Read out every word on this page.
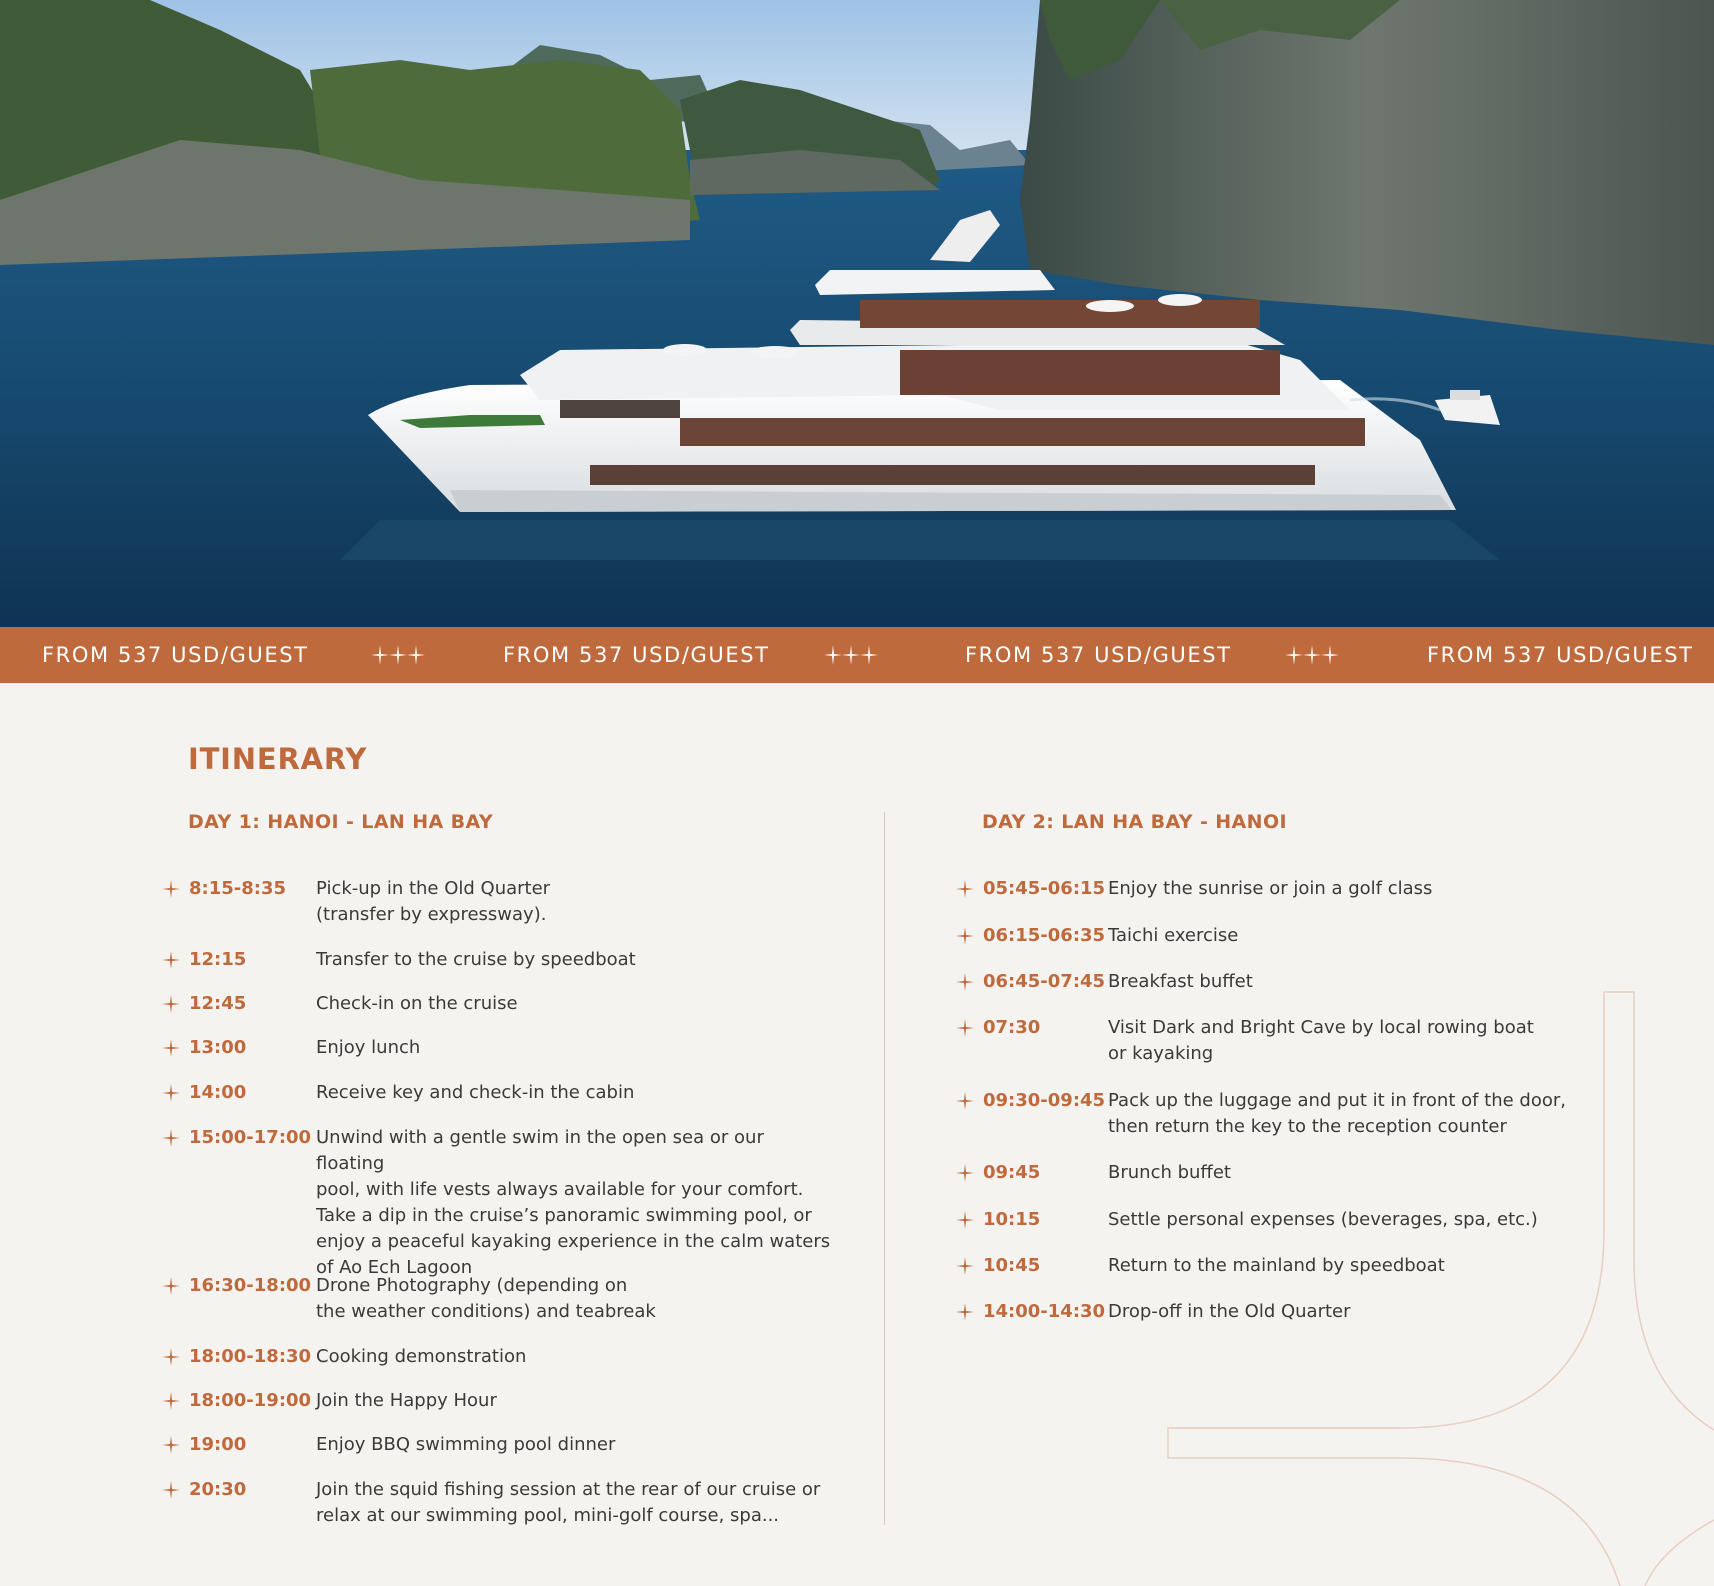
FROM 537 USD/GUEST	FROM 537 USD/GUEST	FROM 537 USD/GUEST	FROM 537 USD/GUEST
ITINERARY
DAY 1: HANOI - LAN HA BAY	DAY 2: LAN HA BAY - HANOI
8:15-8:35 Pick-up in the Old Quarter
(transfer by expressway).
12:15	Transfer to the cruise by speedboat
12:45	Check-in on the cruise
13:00	Enjoy lunch
14:00	Receive key and check-in the cabin
15:00-17:00 Unwind with a gentle swim in the open sea or our floating
pool, with life vests always available for your comfort.
Take a dip in the cruise’s panoramic swimming pool, or
enjoy a peaceful kayaking experience in the calm waters
of Ao Ech Lagoon
16:30-18:00 Drone Photography (depending on
the weather conditions) and teabreak
18:00-18:30 Cooking demonstration
18:00-19:00 Join the Happy Hour
19:00	Enjoy BBQ swimming pool dinner
20:30	Join the squid fishing session at the rear of our cruise or
relax at our swimming pool, mini-golf course, spa...
05:45-06:15 Enjoy the sunrise or join a golf class
06:15-06:35 Taichi exercise
06:45-07:45 Breakfast buffet
07:30	Visit Dark and Bright Cave by local rowing boat
or kayaking
09:30-09:45 Pack up the luggage and put it in front of the door,
then return the key to the reception counter
09:45	Brunch buffet
10:15	Settle personal expenses (beverages, spa, etc.)
10:45	Return to the mainland by speedboat
14:00-14:30 Drop-off in the Old Quarter
